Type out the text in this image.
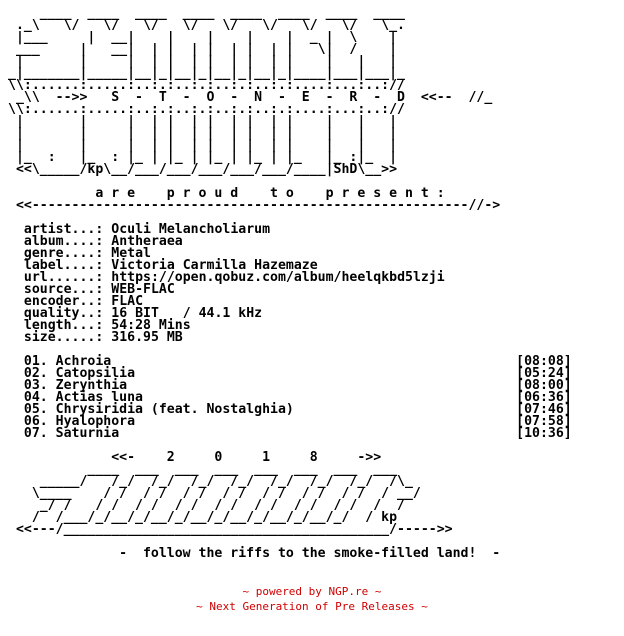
____  ____  ____  ____  ____  ____  ____  ____
._\   \/   \/   \/   \/   \/   \/   \/   \/   \_.
|___     |  __|    |    |    |    |  _ |  \    |
___     |   __|  | |  | |  | |  | |   \|  /    |
|       |     |  | |  | |  | |  | |    |   |   |
_|_______|_____|__|_|__|_|__|_|__|_|____|___|___|_
\\:......:.....:..:.:..:.:..:.:..:.:....:...:..://
_\\  -->>   S  -  T  -  O  -  N  -  E  -  R  -  D  <<--  //_
\\:......:.....:..:.:..:.:..:.:..:.:....:...:..://
|       |     |  | |  | |  | |  | |    |   |   |
|       |     |  | |  | |  | |  | |    |   |   |
|       |     |  | |  | |  | |  | |    |   |   |
|_  :   |_  : |_ | |_ | |_ | |_ | |_   |_ :|_  |
<<\_____/kp\__/___/___/___/___/___/____|ShD\__>>

a r e    p r o u d    t o    p r e s e n t :
<<-------------------------------------------------------//->

artist...: Oculi Melancholiarum
album....: Antheraea
genre....: Metal
label....: Victoria Carmilla Hazemaze
url......: https://open.qobuz.com/album/heelqkbd5lzji
source...: WEB-FLAC
encoder..: FLAC
quality..: 16 BIT   / 44.1 kHz
length...: 54:28 Mins
size.....: 316.95 MB

01. Achroia	[08:08]
02. Catopsilia	[05:24]
03. Zerynthia	[08:00]
04. Actias luna	[06:36]
05. Chrysiridia (feat. Nostalghia)	[07:46]
06. Hyalophora	[07:58]
07. Saturnia	[10:36]

<<-    2     0     1     8     ->>
____  ___  ___  ___  ___  ___  ___  ___
_____/   /_/  /_/  /_/  /_/  /_/  /_/  /_/  /\_
\____    / /  / /  / /  / /  / /  / /  / /  / __/
_/ /   / /  / /  / /  / /  / /  / /  / /  /  /
/  /___/_/__/_/__/_/__/_/__/_/__/_/__/_/  / kp
<<---/_________________________________________/----->>

-  follow the riffs to the smoke-filled land!  -
~ powered by NGP.re ~
~ Next Generation of Pre Releases ~
